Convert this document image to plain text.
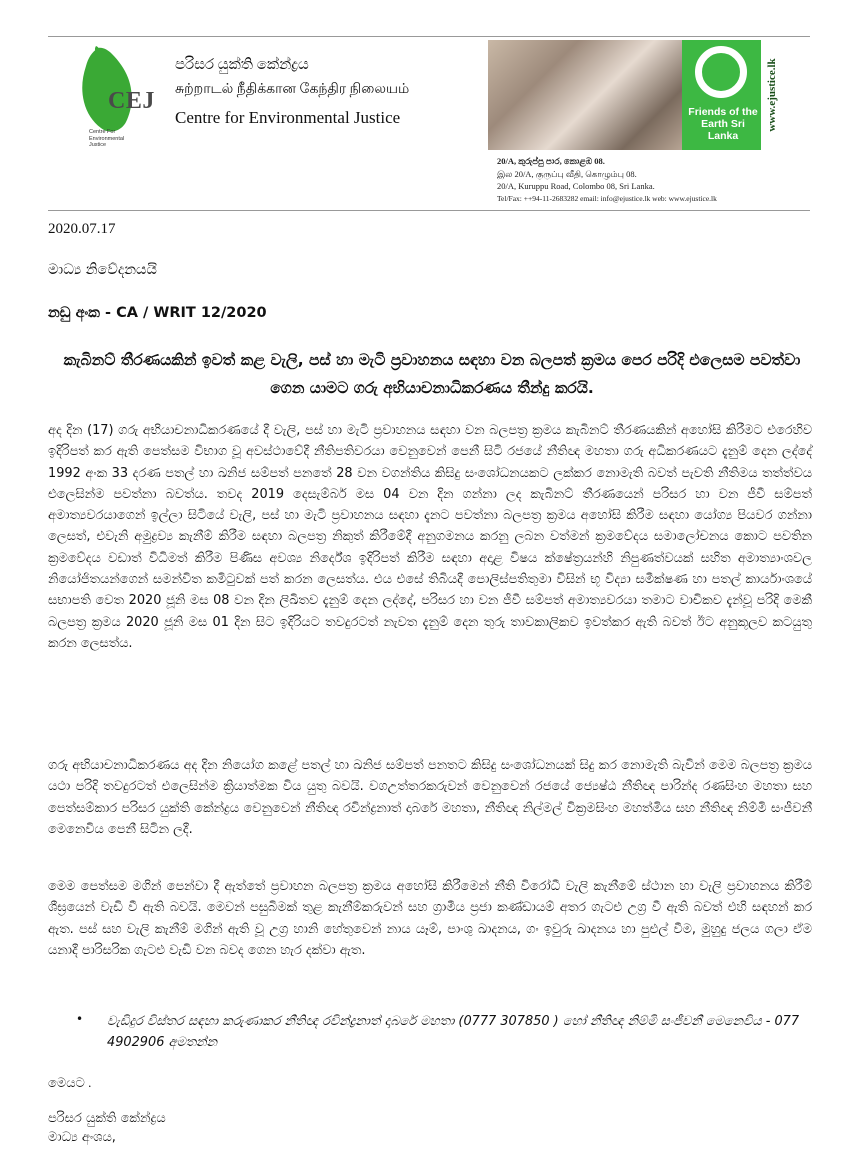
CEJ
Centre For Environmental Justice
පරිසර යුක්ති කේන්ද්‍රය
சுற்றாடல் நீதிக்கான கேந்திர நிலையம்
Centre for Environmental Justice	Friends of the Earth Sri Lanka
www.ejustice.lk
20/A, කුරුප්පු පාර, කොළඹ 08.
இல 20/A, குருப்பு வீதி, கொழும்பு 08.
20/A, Kuruppu Road, Colombo 08, Sri Lanka.
Tel/Fax: ++94-11-2683282 email: info@ejustice.lk web: www.ejustice.lk
2020.07.17
මාධ්‍ය නිවේදනයයි
නඩු අංක - CA / WRIT 12/2020
කැබිනට් තීරණයකින් ඉවත් කළ වැලි, පස් හා මැටි ප්‍රවාහනය සඳහා වන බලපත් ක්‍රමය පෙර පරිදි එලෙසම පවත්වා ගෙන යාමට ගරු අභියාචනාධිකරණය තීන්දු කරයි.

අද දින (17) ගරු අභියාචනාධිකරණයේ දී වැලි, පස් හා මැටි ප්‍රවාහනය සඳහා වන බලපත්‍ර ක්‍රමය කැබිනට් තීරණයකින් අහෝසි කිරීමට එරෙහිව ඉදිරිපත් කර ඇති පෙත්සම විභාග වූ අවස්ථාවේදී නීතිපතිවරයා වෙනුවෙන් පෙනී සිටි රජයේ නීතිඥ මහතා ගරු අධිකරණයට දැනුම් දෙන ලද්දේ 1992 අංක 33 දරණ පතල් හා ඛනිජ සම්පත් පනතේ 28 වන වගන්තිය කිසිදු සංශෝධනයකට ලක්කර නොමැති බවත් පැවති නීතිමය තත්ත්වය එලෙසින්ම පවත්නා බවත්ය. තවද 2019 දෙසැම්බර් මස 04 වන දින ගන්නා ලද කැබිනට් තීරණයෙන් පරිසර හා වන ජීවී සම්පත් අමාත්‍යවරයාගෙන් ඉල්ලා සිටියේ වැලි, පස් හා මැටි ප්‍රවාහනය සඳහා දැනට පවත්නා බලපත්‍ර ක්‍රමය අහෝසි කිරීම සඳහා යෝග්‍ය පියවර ගන්නා ලෙසත්, එවැනි අමුද්‍රව්‍ය කැනීම් කිරීම සඳහා බලපත්‍ර නිකුත් කිරීමේදී අනුගමනය කරනු ලබන වත්මන් ක්‍රමවේදය සමාලෝචනය කොට පවතින ක්‍රමවේදය වඩාත් විධිමත් කිරීම පිණිස අවශ්‍ය නිර්දේශ ඉදිරිපත් කිරීම සඳහා අදාළ විෂය ක්ෂේත්‍රයන්හි නිපුණත්වයක් සහිත අමාත්‍යාංශවල නියෝජිතයන්ගෙන් සමන්විත කමිටුවක් පත් කරන ලෙසත්ය. එය එසේ තිබියදී පොලිස්පතිතුමා විසින් භූ විද්‍යා සමීක්ෂණ හා පතල් කාර්යාංශයේ සභාපති වෙත 2020 ජූනි මස 08 වන දින ලිඛිතව දැනුම් දෙන ලද්දේ, පරිසර හා වන ජීවී සම්පත් අමාත්‍යවරයා තමාට වාචිකව දැන්වූ පරිදි මෙකී බලපත්‍ර ක්‍රමය 2020 ජූනි මස 01 දින සිට ඉදිරියට තවදුරටත් නැවත දැනුම් දෙන තුරු තාවකාලිකව ඉවත්කර ඇති බවත් ඊට අනුකූලව කටයුතු කරන ලෙසත්ය.

ගරු අභියාචනාධිකරණය අද දින නියෝග කළේ පතල් හා ඛනිජ සම්පත් පනතට කිසිදු සංශෝධනයක් සිදු කර නොමැති බැවින් මෙම බලපත්‍ර ක්‍රමය යථා පරිදි තවදුරටත් එලෙසින්ම ක්‍රියාත්මක විය යුතු බවයි. වගඋත්තරකරුවන් වෙනුවෙන් රජයේ ජ්‍යෙෂ්ඨ නීතිඥ පාරින්ද රණසිංහ මහතා සහ පෙත්සම්කාර පරිසර යුක්ති කේන්ද්‍රය වෙනුවෙන් නීතිඥ රවින්ද්‍රනාත් දාබරේ මහතා, නීතිඥ නිල්මල් වික්‍රමසිංහ මහත්මිය සහ නීතිඥ නිම්මි සංජීවනී මෙනෙවිය පෙනී සිටින ලදී.

මෙම පෙත්සම මගින් පෙන්වා දී ඇත්තේ ප්‍රවාහන බලපත්‍ර ක්‍රමය අහෝසි කිරීමෙන් නීති විරෝධී වැලි කැනීමේ ස්ථාන හා වැලි ප්‍රවාහනය කිරීම් ශීඝ්‍රයෙන් වැඩි වී ඇති බවයි. මෙවන් පසුබිමක් තුළ කැනීම්කරුවන් සහ ග්‍රාමීය ප්‍රජා කණ්ඩායම් අතර ගැටළු උග්‍ර වී ඇති බවත් එහි සඳහන් කර ඇත. පස් සහ වැලි කැනීම් මගින් ඇති වූ උග්‍ර හානි හේතුවෙන් නාය යෑම්, පාංශු ඛාදනය, ගං ඉවුරු ඛාදනය හා පුළුල් වීම, මුහුදු ජලය ගලා ඒම යනාදී පාරිසරික ගැටළු වැඩි වන බවද ගෙන හැර දක්වා ඇත.

• වැඩිදුර විස්තර සඳහා කරුණාකර නීතිඥ රවින්ද්‍රනාත් දාබරේ මහතා (0777 307850 ) හෝ නීතිඥ නිම්මි සංජීවනී මෙනෙවිය - 077 4902906 අමතන්න

මෙයට .
පරිසර යුක්ති කේන්ද්‍රය
මාධ්‍ය අංශය,
